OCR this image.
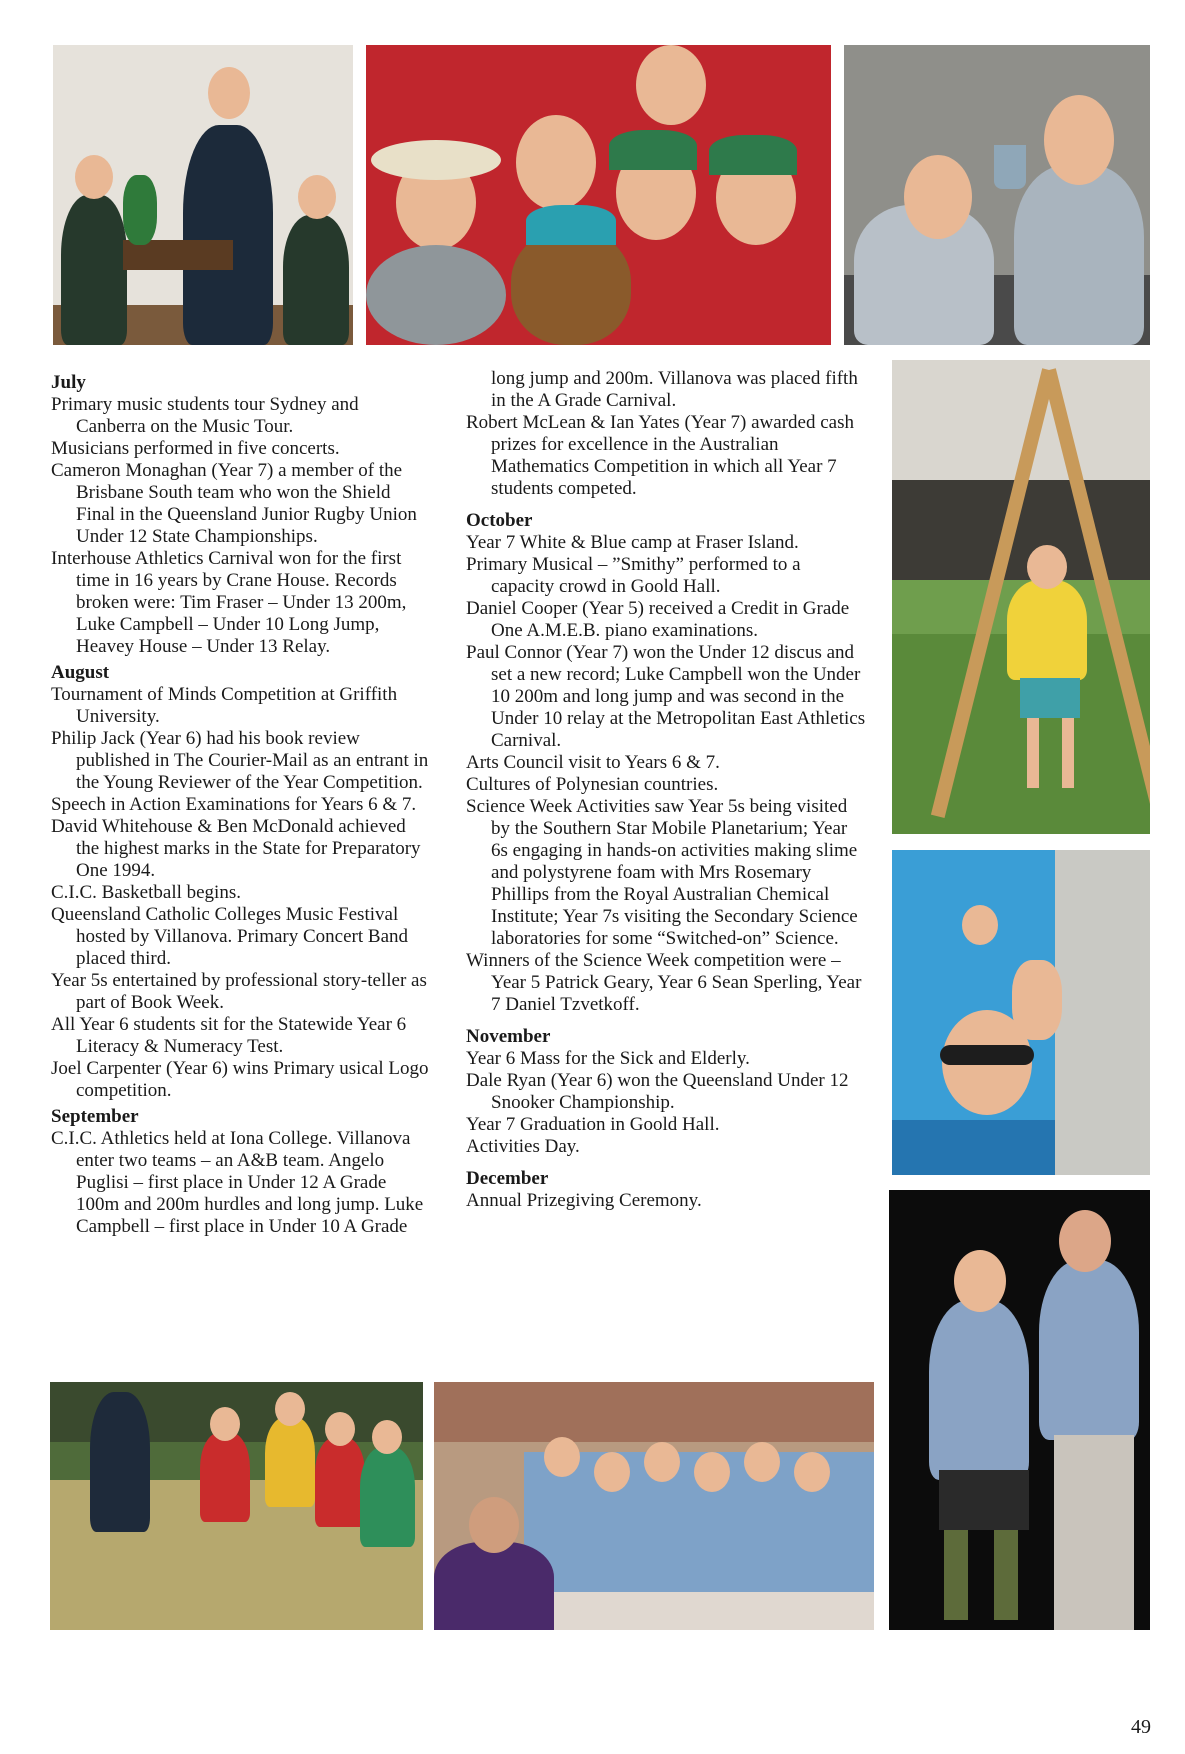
July

Primary music students tour Sydney and Canberra on the Music Tour.

Musicians performed in five concerts.

Cameron Monaghan (Year 7) a member of the Brisbane South team who won the Shield Final in the Queensland Junior Rugby Union Under 12 State Championships.

Interhouse Athletics Carnival won for the first time in 16 years by Crane House. Records broken were: Tim Fraser – Under 13 200m, Luke Campbell – Under 10 Long Jump, Heavey House – Under 13 Relay.

August

Tournament of Minds Competition at Griffith University.

Philip Jack (Year 6) had his book review published in The Courier-Mail as an entrant in the Young Reviewer of the Year Competition.

Speech in Action Examinations for Years 6 & 7.

David Whitehouse & Ben McDonald achieved the highest marks in the State for Preparatory One 1994.

C.I.C. Basketball begins.

Queensland Catholic Colleges Music Festival hosted by Villanova. Primary Concert Band placed third.

Year 5s entertained by professional story-teller as part of Book Week.

All Year 6 students sit for the Statewide Year 6 Literacy & Numeracy Test.

Joel Carpenter (Year 6) wins Primary usical Logo competition.

September

C.I.C. Athletics held at Iona College. Villanova enter two teams – an A&B team. Angelo Puglisi – first place in Under 12 A Grade 100m and 200m hurdles and long jump. Luke Campbell – first place in Under 10 A Grade

long jump and 200m. Villanova was placed fifth in the A Grade Carnival.

Robert McLean & Ian Yates (Year 7) awarded cash prizes for excellence in the Australian Mathematics Competition in which all Year 7 students competed.

October

Year 7 White & Blue camp at Fraser Island.

Primary Musical – ”Smithy” performed to a capacity crowd in Goold Hall.

Daniel Cooper (Year 5) received a Credit in Grade One A.M.E.B. piano examinations.

Paul Connor (Year 7) won the Under 12 discus and set a new record; Luke Campbell won the Under 10 200m and long jump and was second in the Under 10 relay at the Metropolitan East Athletics Carnival.

Arts Council visit to Years 6 & 7.

Cultures of Polynesian countries.

Science Week Activities saw Year 5s being visited by the Southern Star Mobile Planetarium; Year 6s engaging in hands-on activities making slime and polystyrene foam with Mrs Rosemary Phillips from the Royal Australian Chemical Institute; Year 7s visiting the Secondary Science laboratories for some “Switched-on” Science.

Winners of the Science Week competition were – Year 5 Patrick Geary, Year 6 Sean Sperling, Year 7 Daniel Tzvetkoff.

November

Year 6 Mass for the Sick and Elderly.

Dale Ryan (Year 6) won the Queensland Under 12 Snooker Championship.

Year 7 Graduation in Goold Hall.

Activities Day.

December

Annual Prizegiving Ceremony.

49
